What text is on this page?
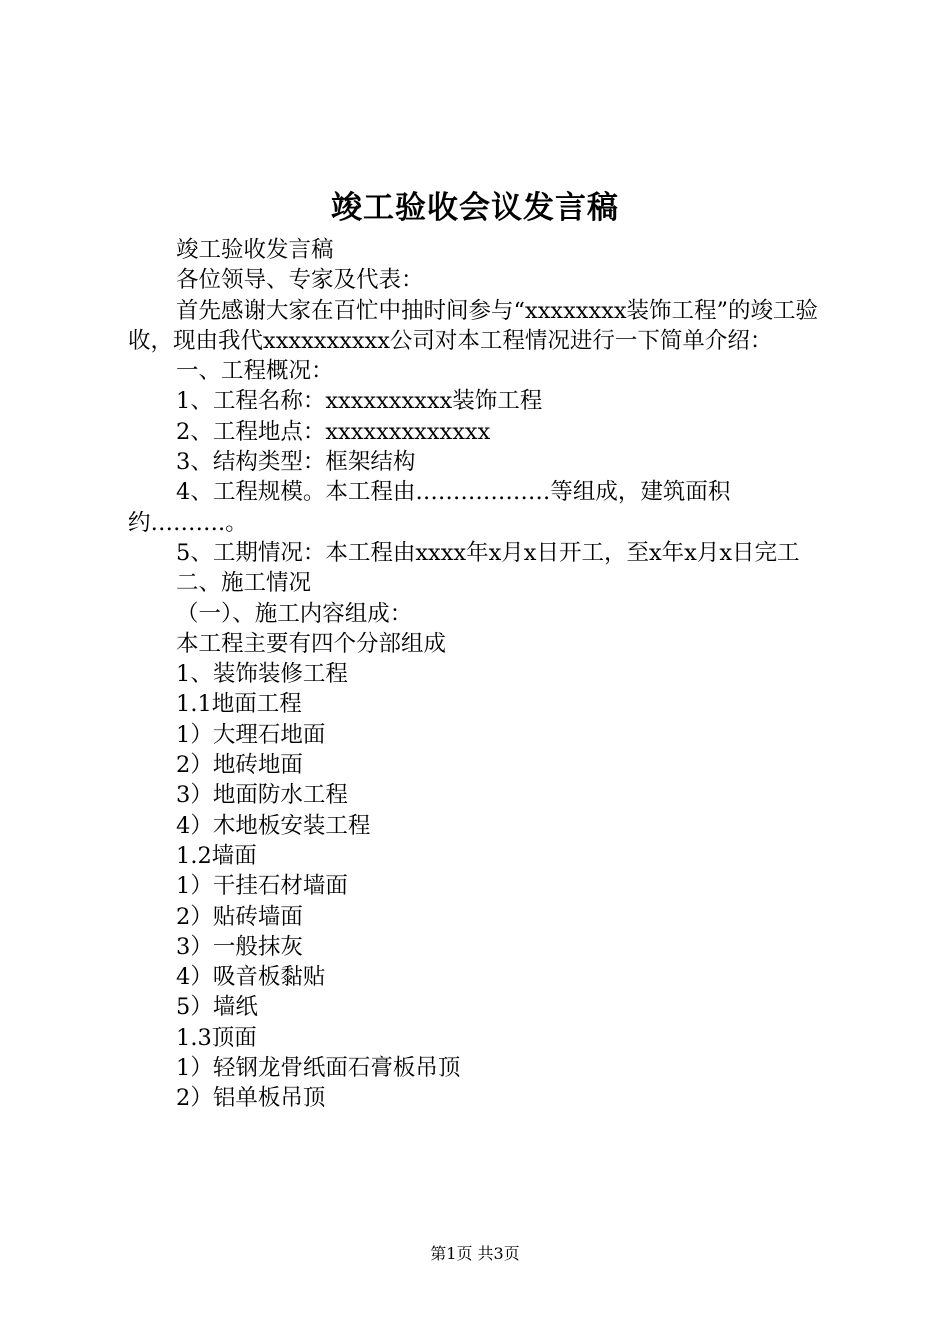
竣工验收会议发言稿

竣工验收发言稿

各位领导、专家及代表：

首先感谢大家在百忙中抽时间参与“xxxxxxxx装饰工程”的竣工验收，现由我代xxxxxxxxxx公司对本工程情况进行一下简单介绍：

一、工程概况：

1、工程名称：xxxxxxxxxx装饰工程

2、工程地点：xxxxxxxxxxxxx

3、结构类型：框架结构

4、工程规模。本工程由………………等组成，建筑面积约……….。

5、工期情况：本工程由xxxx年x月x日开工，至x年x月x日完工

二、施工情况

（一）、施工内容组成：

本工程主要有四个分部组成

1、装饰装修工程

1.1地面工程

1）大理石地面

2）地砖地面

3）地面防水工程

4）木地板安装工程

1.2墙面

1）干挂石材墙面

2）贴砖墙面

3）一般抹灰

4）吸音板黏贴

5）墙纸

1.3顶面

1）轻钢龙骨纸面石膏板吊顶

2）铝单板吊顶

第1页 共3页
